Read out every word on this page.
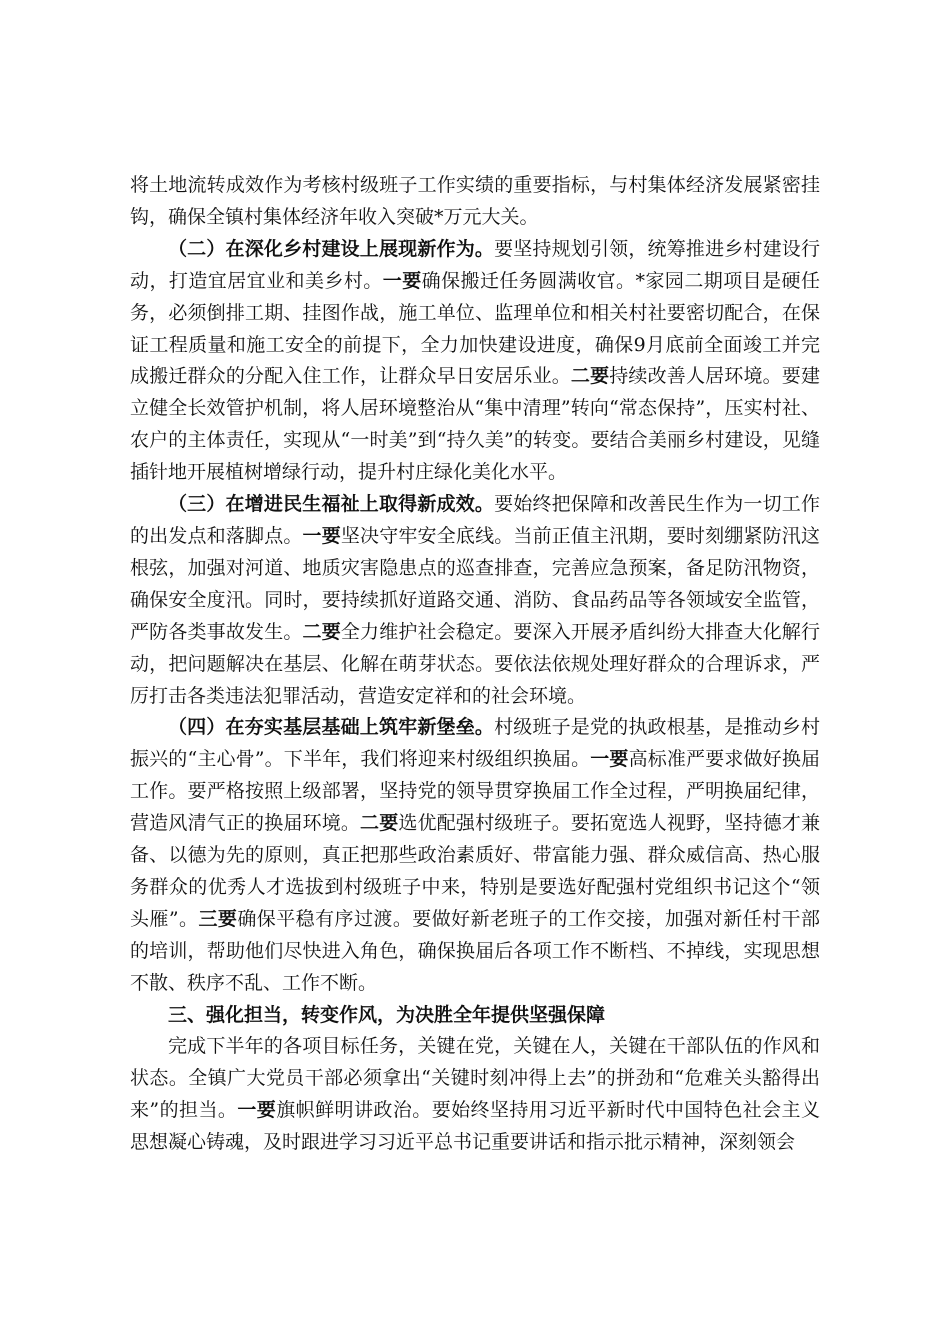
将土地流转成效作为考核村级班子工作实绩的重要指标，与村集体经济发展紧密挂钩，确保全镇村集体经济年收入突破*万元大关。

（二）在深化乡村建设上展现新作为。要坚持规划引领，统筹推进乡村建设行动，打造宜居宜业和美乡村。一要确保搬迁任务圆满收官。*家园二期项目是硬任务，必须倒排工期、挂图作战，施工单位、监理单位和相关村社要密切配合，在保证工程质量和施工安全的前提下，全力加快建设进度，确保9月底前全面竣工并完成搬迁群众的分配入住工作，让群众早日安居乐业。二要持续改善人居环境。要建立健全长效管护机制，将人居环境整治从“集中清理”转向“常态保持”，压实村社、农户的主体责任，实现从“一时美”到“持久美”的转变。要结合美丽乡村建设，见缝插针地开展植树增绿行动，提升村庄绿化美化水平。

（三）在增进民生福祉上取得新成效。要始终把保障和改善民生作为一切工作的出发点和落脚点。一要坚决守牢安全底线。当前正值主汛期，要时刻绷紧防汛这根弦，加强对河道、地质灾害隐患点的巡查排查，完善应急预案，备足防汛物资，确保安全度汛。同时，要持续抓好道路交通、消防、食品药品等各领域安全监管，严防各类事故发生。二要全力维护社会稳定。要深入开展矛盾纠纷大排查大化解行动，把问题解决在基层、化解在萌芽状态。要依法依规处理好群众的合理诉求，严厉打击各类违法犯罪活动，营造安定祥和的社会环境。

（四）在夯实基层基础上筑牢新堡垒。村级班子是党的执政根基，是推动乡村振兴的“主心骨”。下半年，我们将迎来村级组织换届。一要高标准严要求做好换届工作。要严格按照上级部署，坚持党的领导贯穿换届工作全过程，严明换届纪律，营造风清气正的换届环境。二要选优配强村级班子。要拓宽选人视野，坚持德才兼备、以德为先的原则，真正把那些政治素质好、带富能力强、群众威信高、热心服务群众的优秀人才选拔到村级班子中来，特别是要选好配强村党组织书记这个“领头雁”。三要确保平稳有序过渡。要做好新老班子的工作交接，加强对新任村干部的培训，帮助他们尽快进入角色，确保换届后各项工作不断档、不掉线，实现思想不散、秩序不乱、工作不断。

三、强化担当，转变作风，为决胜全年提供坚强保障

完成下半年的各项目标任务，关键在党，关键在人，关键在干部队伍的作风和状态。全镇广大党员干部必须拿出“关键时刻冲得上去”的拼劲和“危难关头豁得出来”的担当。一要旗帜鲜明讲政治。要始终坚持用习近平新时代中国特色社会主义思想凝心铸魂，及时跟进学习习近平总书记重要讲话和指示批示精神，深刻领会
